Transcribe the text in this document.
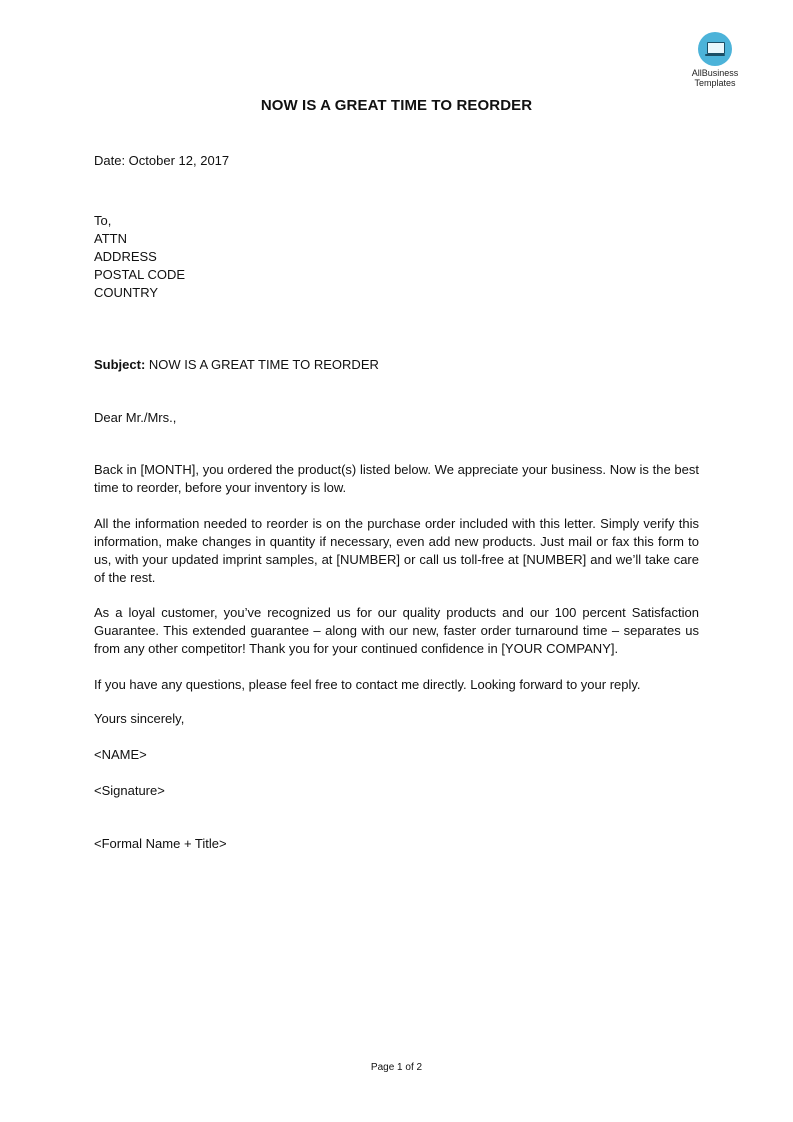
AllBusiness
Templates
NOW IS A GREAT TIME TO REORDER
Date: October 12, 2017
To,
ATTN
ADDRESS
POSTAL CODE
COUNTRY
Subject: NOW IS A GREAT TIME TO REORDER
Dear Mr./Mrs.,
Back in [MONTH], you ordered the product(s) listed below. We appreciate your business. Now is the best time to reorder, before your inventory is low.
All the information needed to reorder is on the purchase order included with this letter. Simply verify this information, make changes in quantity if necessary, even add new products. Just mail or fax this form to us, with your updated imprint samples, at [NUMBER] or call us toll-free at [NUMBER] and we’ll take care of the rest.
As a loyal customer, you’ve recognized us for our quality products and our 100 percent Satisfaction Guarantee. This extended guarantee – along with our new, faster order turnaround time – separates us from any other competitor! Thank you for your continued confidence in [YOUR COMPANY].
If you have any questions, please feel free to contact me directly. Looking forward to your reply.
Yours sincerely,
<NAME>
<Signature>
<Formal Name + Title>
Page 1 of 2
